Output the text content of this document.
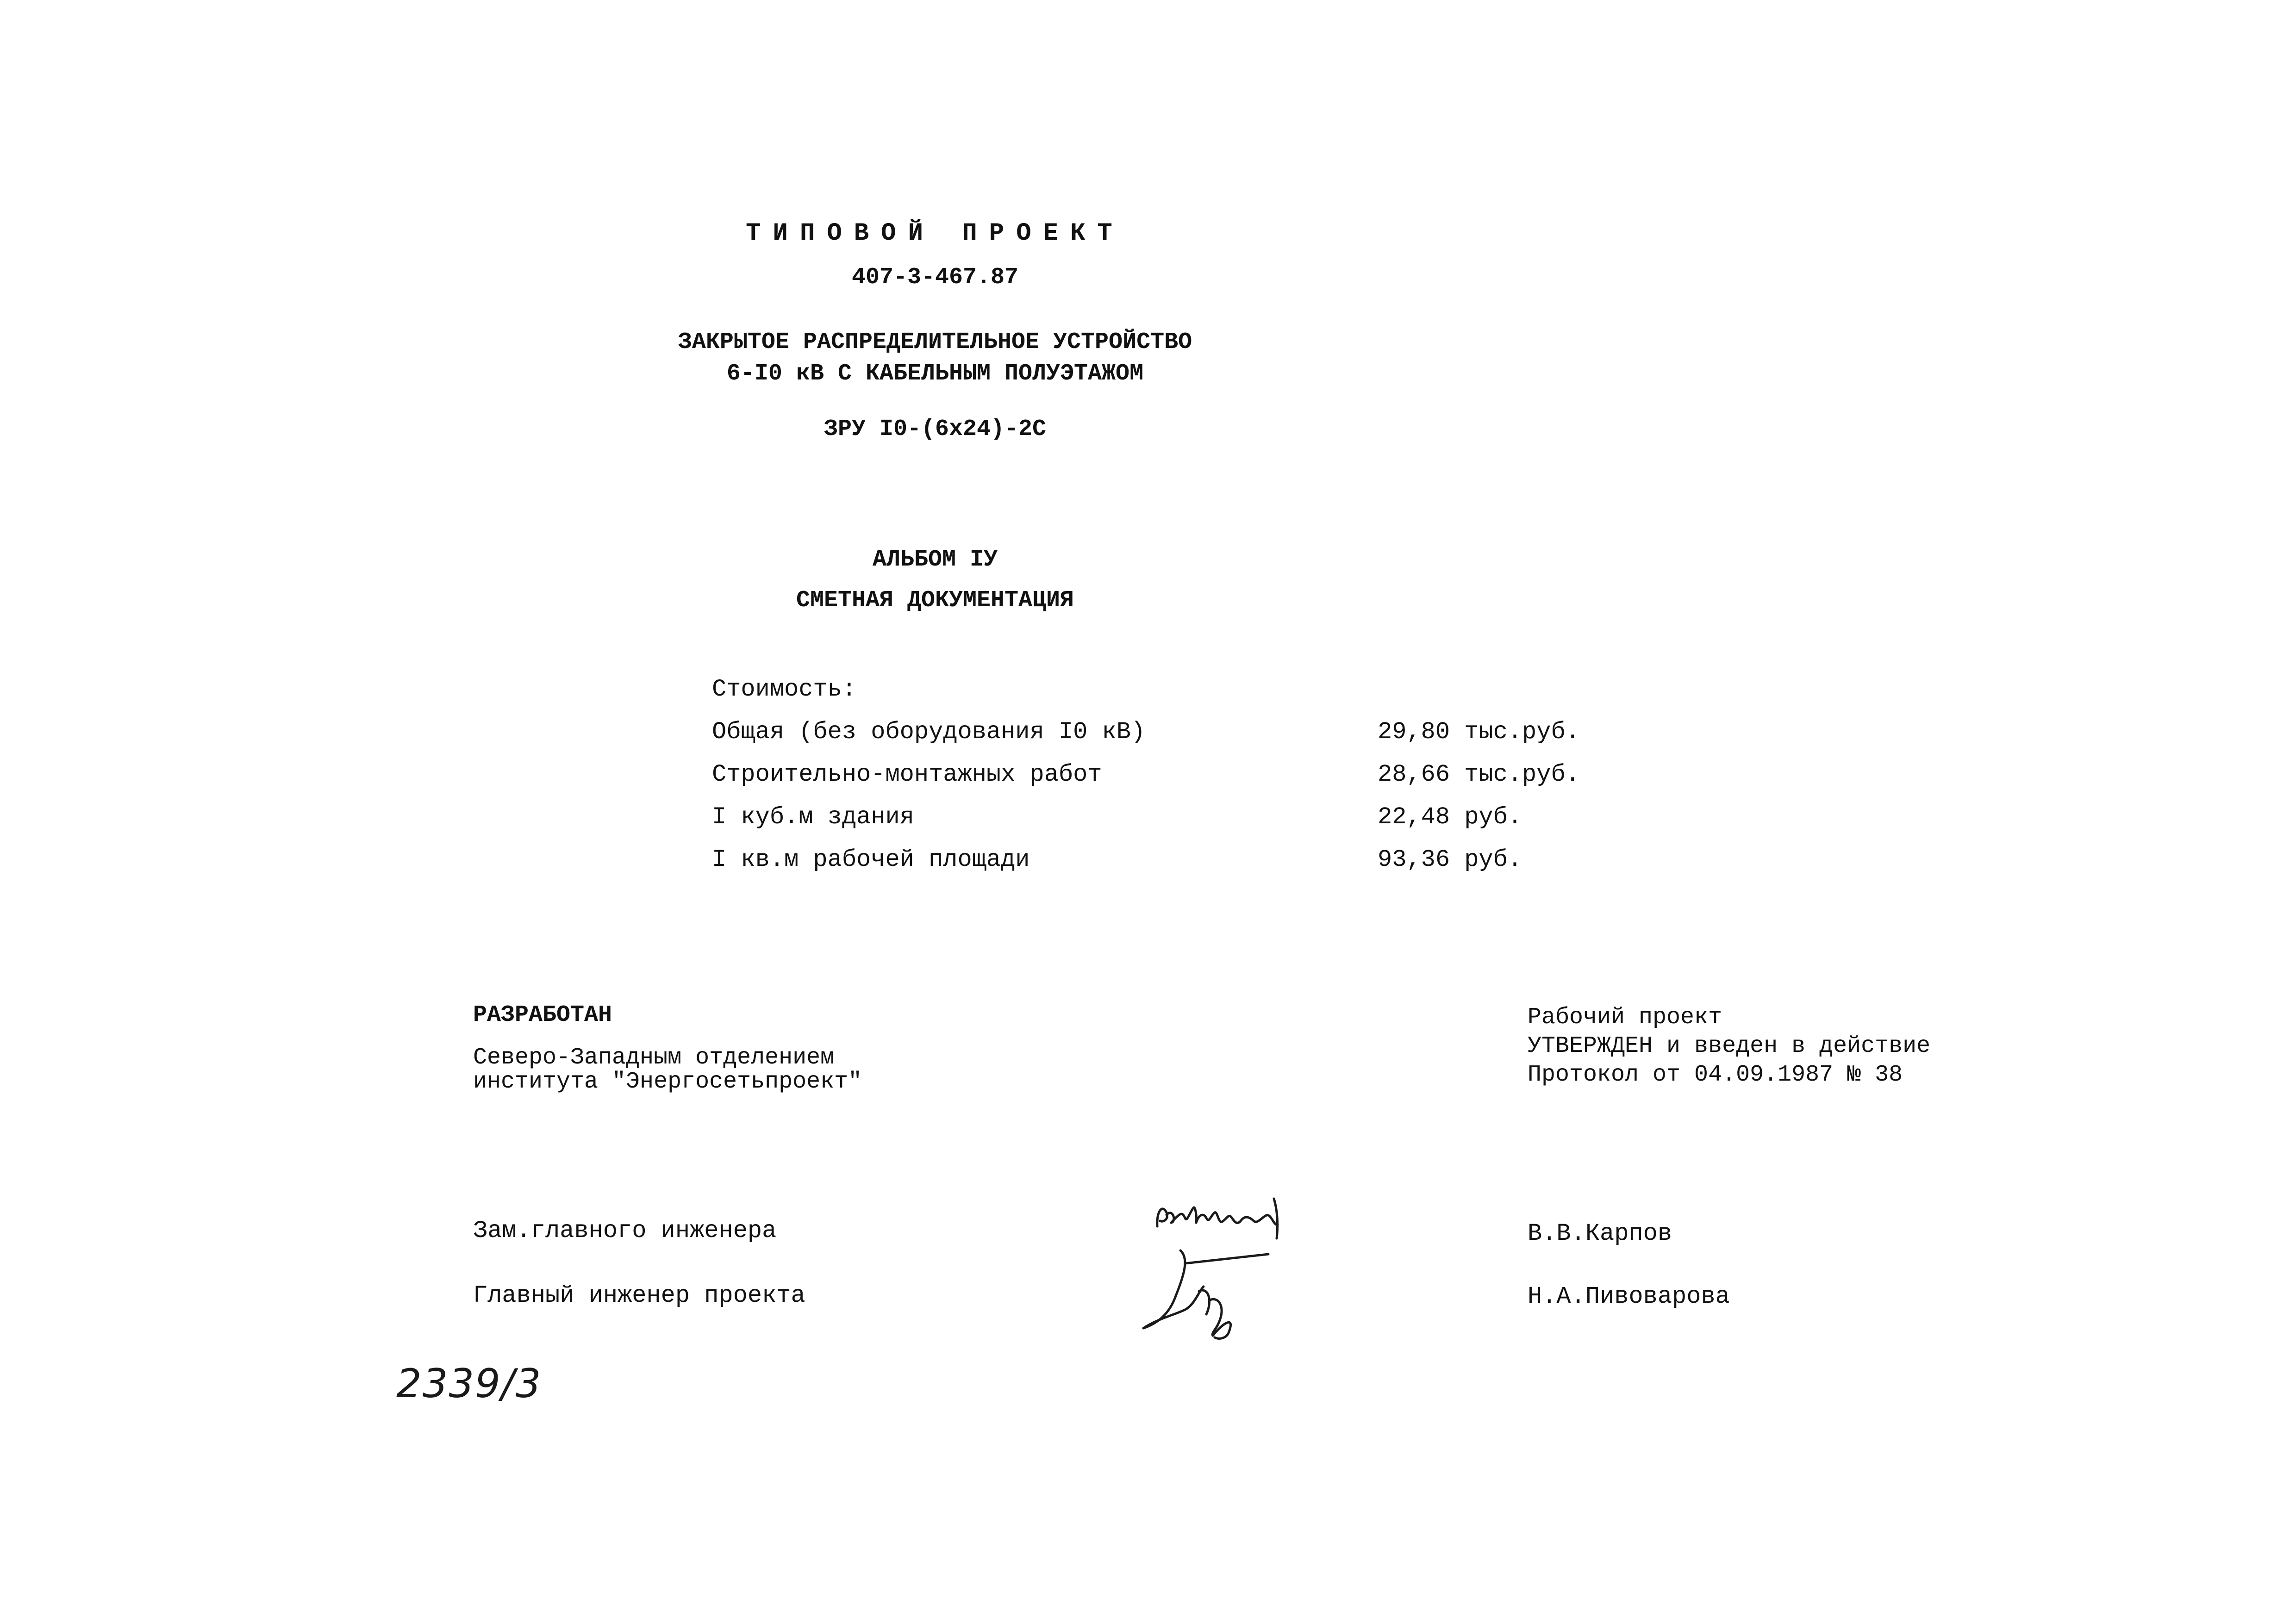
ТИПОВОЙ ПРОЕКТ
407-3-467.87
ЗАКРЫТОЕ РАСПРЕДЕЛИТЕЛЬНОЕ УСТРОЙСТВО
6-I0 кВ С КАБЕЛЬНЫМ ПОЛУЭТАЖОМ
ЗРУ I0-(6х24)-2С
АЛЬБОМ IУ
СМЕТНАЯ ДОКУМЕНТАЦИЯ
Стоимость:
Общая (без оборудования I0 кВ)	29,80 тыс.руб.
Строительно-монтажных работ	28,66 тыс.руб.
I куб.м здания	22,48 руб.
I кв.м рабочей площади	93,36 руб.
РАЗРАБОТАН
Северо-Западным отделением
института "Энергосетьпроект"
Рабочий проект
УТВЕРЖДЕН и введен в действие
Протокол от 04.09.1987 № 38
Зам.главного инженера	В.В.Карпов
Главный инженер проекта	Н.А.Пивоварова
2339/3
